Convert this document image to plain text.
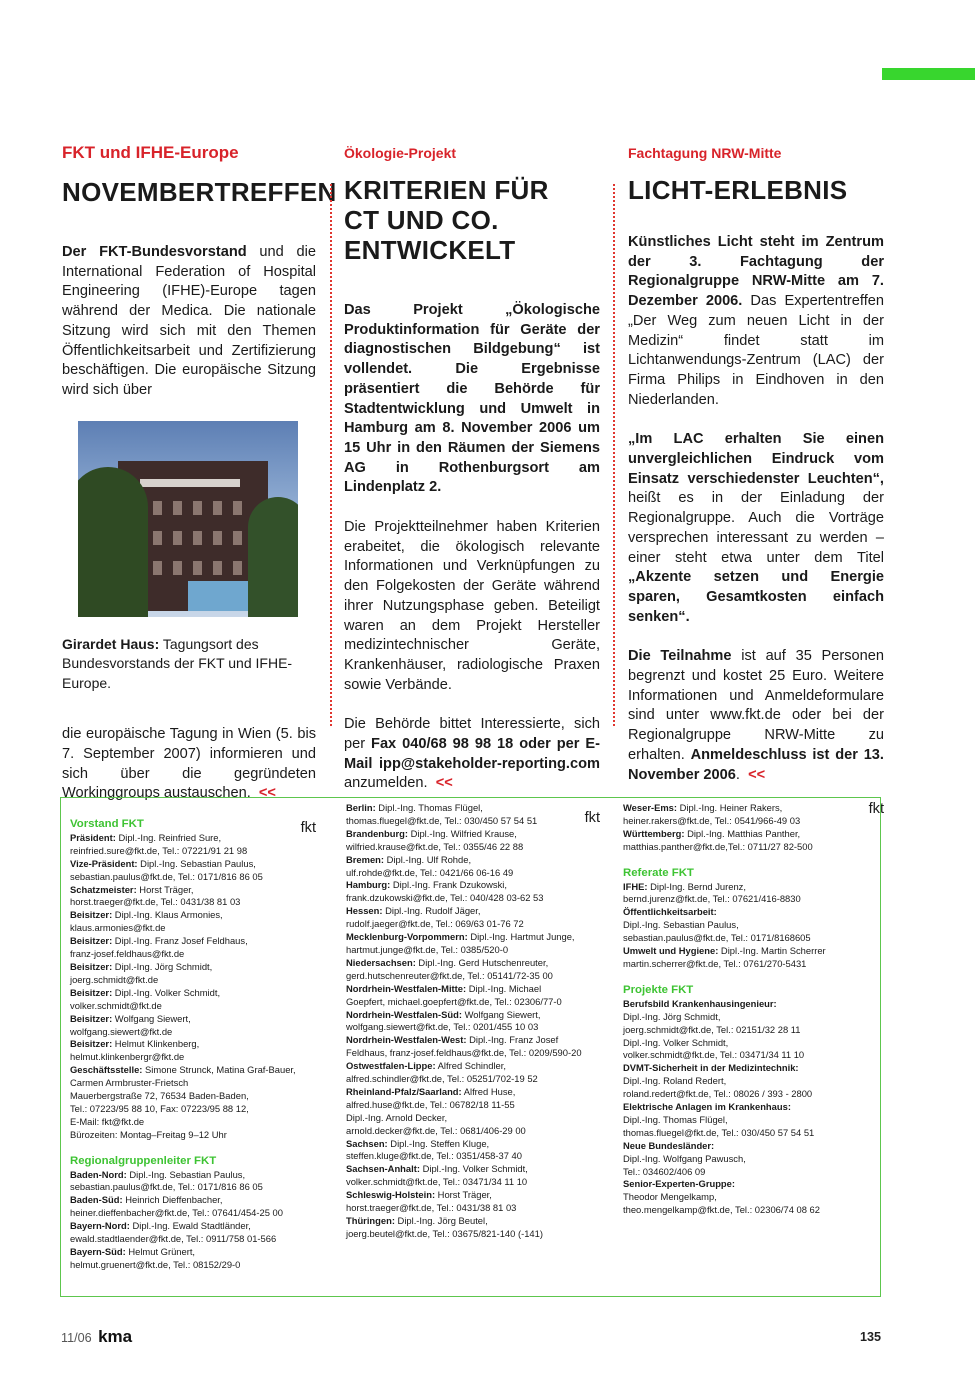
FKT und IFHE-Europe
NOVEMBERTREFFEN

Der FKT-Bundesvorstand und die International Federation of Hospital Engineering (IFHE)-Europe tagen während der Medica. Die nationale Sitzung wird sich mit den Themen Öffentlichkeitsarbeit und Zertifizierung beschäftigen. Die europäische Sitzung wird sich über

Girardet Haus: Tagungsort des Bundesvorstands der FKT und IFHE-Europe.

die europäische Tagung in Wien (5. bis 7. September 2007) informieren und sich über die gegründeten Workinggroups austauschen. <<

fkt
Ökologie-Projekt
KRITERIEN FÜR
CT UND CO.
ENTWICKELT

Das Projekt „Ökologische Produktinformation für Geräte der diagnostischen Bildgebung“ ist vollendet. Die Ergebnisse präsentiert die Behörde für Stadtentwicklung und Umwelt in Hamburg am 8. November 2006 um 15 Uhr in den Räumen der Siemens AG in Rothenburgsort am Lindenplatz 2.

Die Projektteilnehmer haben Kriterien erabeitet, die ökologisch relevante Informationen und Verknüpfungen zu den Folgekosten der Geräte während ihrer Nutzungsphase geben. Beteiligt waren an dem Projekt Hersteller medizintechnischer Geräte, Krankenhäuser, radiologische Praxen sowie Verbände.

Die Behörde bittet Interessierte, sich per Fax 040/68 98 98 18 oder per E-Mail ipp@stakeholder-reporting.com anzumelden. <<

fkt
Fachtagung NRW-Mitte
LICHT-ERLEBNIS

Künstliches Licht steht im Zentrum der 3. Fachtagung der Regionalgruppe NRW-Mitte am 7. Dezember 2006. Das Expertentreffen „Der Weg zum neuen Licht in der Medizin“ findet statt im Lichtanwendungs-Zentrum (LAC) der Firma Philips in Eindhoven in den Niederlanden.

„Im LAC erhalten Sie einen unvergleichlichen Eindruck vom Einsatz verschiedenster Leuchten“, heißt es in der Einladung der Regionalgruppe. Auch die Vorträge versprechen interessant zu werden – einer steht etwa unter dem Titel „Akzente setzen und Energie sparen, Gesamtkosten einfach senken“.

Die Teilnahme ist auf 35 Personen begrenzt und kostet 25 Euro. Weitere Informationen und Anmeldeformulare sind unter www.fkt.de oder bei der Regionalgruppe NRW-Mitte zu erhalten. Anmeldeschluss ist der 13. November 2006. <<

fkt

Vorstand FKT

Präsident: Dipl.-Ing. Reinfried Sure,

reinfried.sure@fkt.de, Tel.: 07221/91 21 98

Vize-Präsident: Dipl.-Ing. Sebastian Paulus,

sebastian.paulus@fkt.de, Tel.: 0171/816 86 05

Schatzmeister: Horst Träger,

horst.traeger@fkt.de, Tel.: 0431/38 81 03

Beisitzer: Dipl.-Ing. Klaus Armonies,

klaus.armonies@fkt.de

Beisitzer: Dipl.-Ing. Franz Josef Feldhaus,

franz-josef.feldhaus@fkt.de

Beisitzer: Dipl.-Ing. Jörg Schmidt,

joerg.schmidt@fkt.de

Beisitzer: Dipl.-Ing. Volker Schmidt,

volker.schmidt@fkt.de

Beisitzer: Wolfgang Siewert,

wolfgang.siewert@fkt.de

Beisitzer: Helmut Klinkenberg,

helmut.klinkenbergr@fkt.de

Geschäftsstelle: Simone Strunck, Matina Graf-Bauer,

Carmen Armbruster-Frietsch

Mauerbergstraße 72, 76534 Baden-Baden,

Tel.: 07223/95 88 10, Fax: 07223/95 88 12,

E-Mail: fkt@fkt.de

Bürozeiten: Montag–Freitag 9–12 Uhr

Regionalgruppenleiter FKT

Baden-Nord: Dipl.-Ing. Sebastian Paulus,

sebastian.paulus@fkt.de, Tel.: 0171/816 86 05

Baden-Süd: Heinrich Dieffenbacher,

heiner.dieffenbacher@fkt.de, Tel.: 07641/454-25 00

Bayern-Nord: Dipl.-Ing. Ewald Stadtländer,

ewald.stadtlaender@fkt.de, Tel.: 0911/758 01-566

Bayern-Süd: Helmut Grünert,

helmut.gruenert@fkt.de, Tel.: 08152/29-0

Berlin: Dipl.-Ing. Thomas Flügel,

thomas.fluegel@fkt.de, Tel.: 030/450 57 54 51

Brandenburg: Dipl.-Ing. Wilfried Krause,

wilfried.krause@fkt.de, Tel.: 0355/46 22 88

Bremen: Dipl.-Ing. Ulf Rohde,

ulf.rohde@fkt.de, Tel.: 0421/66 06-16 49

Hamburg: Dipl.-Ing. Frank Dzukowski,

frank.dzukowski@fkt.de, Tel.: 040/428 03-62 53

Hessen: Dipl.-Ing. Rudolf Jäger,

rudolf.jaeger@fkt.de, Tel.: 069/63 01-76 72

Mecklenburg-Vorpommern: Dipl.-Ing. Hartmut Junge,

hartmut.junge@fkt.de, Tel.: 0385/520-0

Niedersachsen: Dipl.-Ing. Gerd Hutschenreuter,

gerd.hutschenreuter@fkt.de, Tel.: 05141/72-35 00

Nordrhein-Westfalen-Mitte: Dipl.-Ing. Michael

Goepfert, michael.goepfert@fkt.de, Tel.: 02306/77-0

Nordrhein-Westfalen-Süd: Wolfgang Siewert,

wolfgang.siewert@fkt.de, Tel.: 0201/455 10 03

Nordrhein-Westfalen-West: Dipl.-Ing. Franz Josef

Feldhaus, franz-josef.feldhaus@fkt.de, Tel.: 0209/590-20

Ostwestfalen-Lippe: Alfred Schindler,

alfred.schindler@fkt.de, Tel.: 05251/702-19 52

Rheinland-Pfalz/Saarland: Alfred Huse,

alfred.huse@fkt.de, Tel.: 06782/18 11-55

Dipl.-Ing. Arnold Decker,

arnold.decker@fkt.de, Tel.: 0681/406-29 00

Sachsen: Dipl.-Ing. Steffen Kluge,

steffen.kluge@fkt.de, Tel.: 0351/458-37 40

Sachsen-Anhalt: Dipl.-Ing. Volker Schmidt,

volker.schmidt@fkt.de, Tel.: 03471/34 11 10

Schleswig-Holstein: Horst Träger,

horst.traeger@fkt.de, Tel.: 0431/38 81 03

Thüringen: Dipl.-Ing. Jörg Beutel,

joerg.beutel@fkt.de, Tel.: 03675/821-140 (-141)

Weser-Ems: Dipl.-Ing. Heiner Rakers,

heiner.rakers@fkt.de, Tel.: 0541/966-49 03

Württemberg: Dipl.-Ing. Matthias Panther,

matthias.panther@fkt.de,Tel.: 0711/27 82-500

Referate FKT

IFHE: Dipl-Ing. Bernd Jurenz,

bernd.jurenz@fkt.de, Tel.: 07621/416-8830

Öffentlichkeitsarbeit:

Dipl.-Ing. Sebastian Paulus,

sebastian.paulus@fkt.de, Tel.: 0171/8168605

Umwelt und Hygiene: Dipl.-Ing. Martin Scherrer

martin.scherrer@fkt.de, Tel.: 0761/270-5431

Projekte FKT

Berufsbild Krankenhausingenieur:

Dipl.-Ing. Jörg Schmidt,

joerg.schmidt@fkt.de, Tel.: 02151/32 28 11

Dipl.-Ing. Volker Schmidt,

volker.schmidt@fkt.de, Tel.: 03471/34 11 10

DVMT-Sicherheit in der Medizintechnik:

Dipl.-Ing. Roland Redert,

roland.redert@fkt.de, Tel.: 08026 / 393 - 2800

Elektrische Anlagen im Krankenhaus:

Dipl.-Ing. Thomas Flügel,

thomas.fluegel@fkt.de, Tel.: 030/450 57 54 51

Neue Bundesländer:

Dipl.-Ing. Wolfgang Pawusch,

Tel.: 034602/406 09

Senior-Experten-Gruppe:

Theodor Mengelkamp,

theo.mengelkamp@fkt.de, Tel.: 02306/74 08 62

11/06 kma	135
